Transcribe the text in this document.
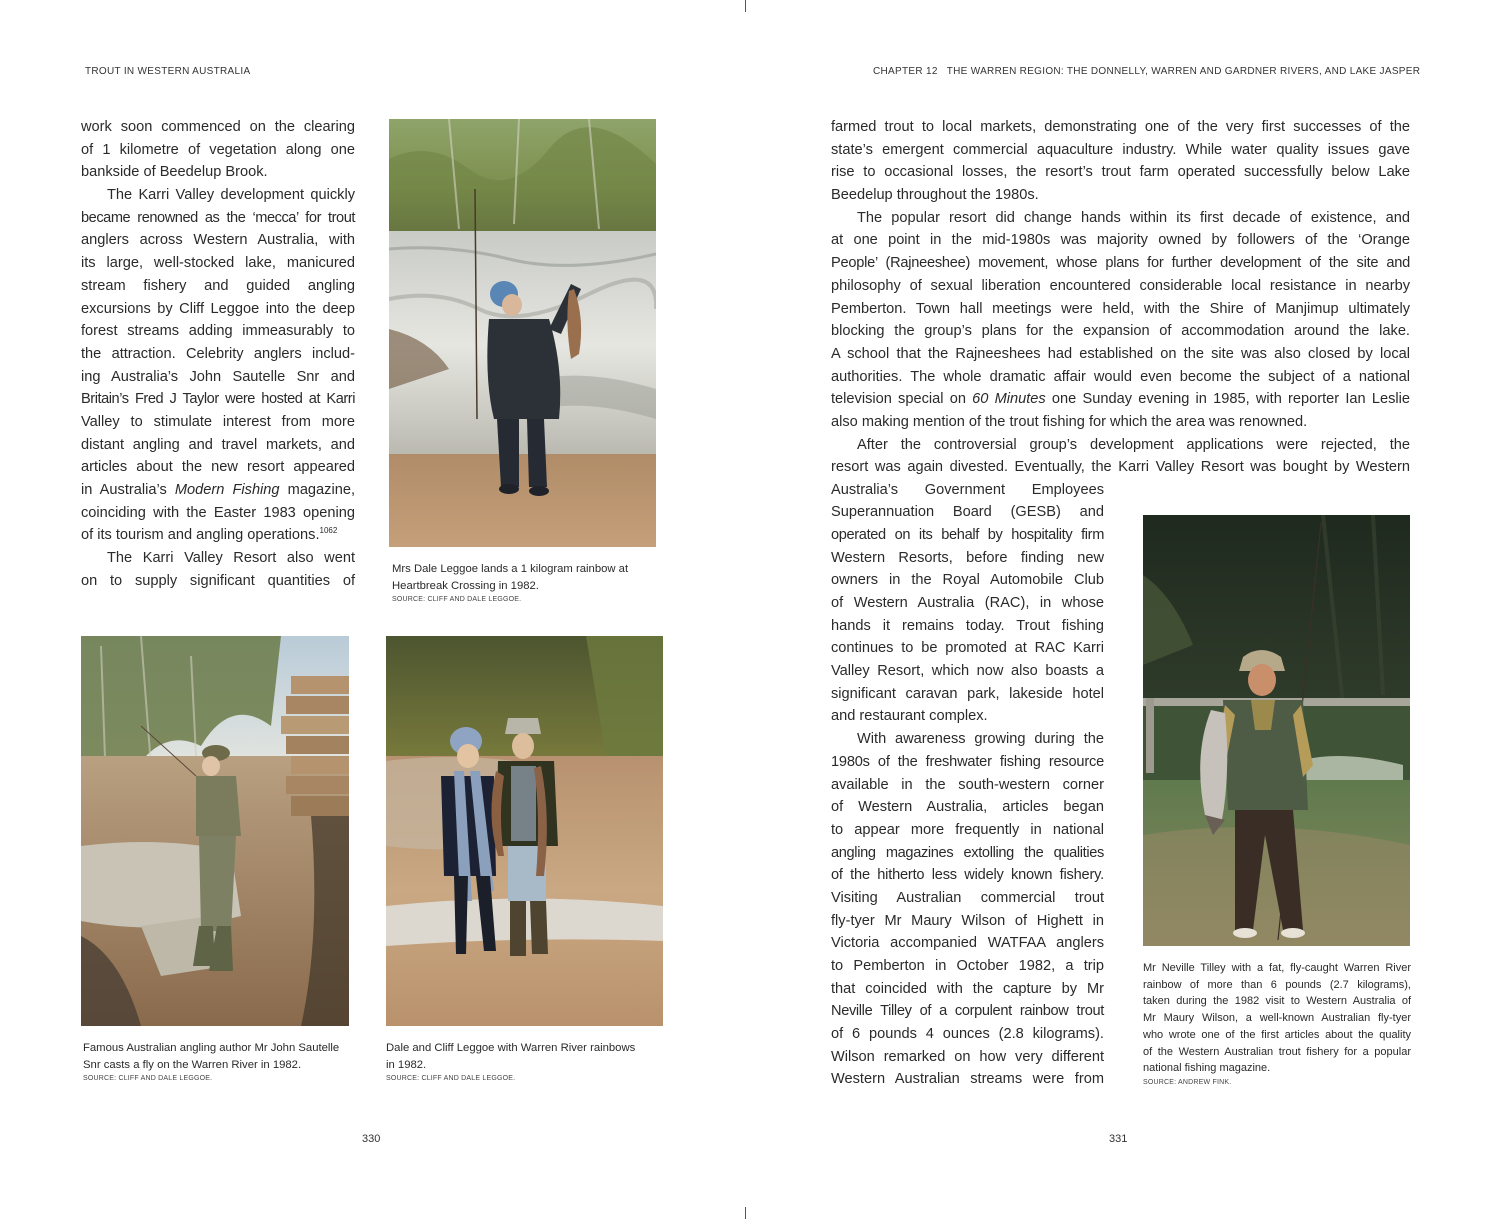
TROUT IN WESTERN AUSTRALIA
work soon commenced on the clearing
of 1 kilometre of vegetation along one
bankside of Beedelup Brook.
The Karri Valley development quickly
became renowned as the ‘mecca’ for trout
anglers across Western Australia, with
its large, well-stocked lake, manicured
stream fishery and guided angling
excursions by Cliff Leggoe into the deep
forest streams adding immeasurably to
the attraction. Celebrity anglers includ-
ing Australia’s John Sautelle Snr and
Britain’s Fred J Taylor were hosted at Karri
Valley to stimulate interest from more
distant angling and travel markets, and
articles about the new resort appeared
in Australia’s Modern Fishing magazine,
coinciding with the Easter 1983 opening
of its tourism and angling operations.$^{1062}$
The Karri Valley Resort also went
on to supply significant quantities of
Mrs Dale Leggoe lands a 1 kilogram rainbow at
Heartbreak Crossing in 1982.
SOURCE: CLIFF AND DALE LEGGOE.
Famous Australian angling author Mr John Sautelle
Snr casts a fly on the Warren River in 1982.
SOURCE: CLIFF AND DALE LEGGOE.
Dale and Cliff Leggoe with Warren River rainbows
in 1982.
SOURCE: CLIFF AND DALE LEGGOE.
330
CHAPTER 12   THE WARREN REGION: THE DONNELLY, WARREN AND GARDNER RIVERS, AND LAKE JASPER
farmed trout to local markets, demonstrating one of the very first successes of the
state’s emergent commercial aquaculture industry. While water quality issues gave
rise to occasional losses, the resort’s trout farm operated successfully below Lake
Beedelup throughout the 1980s.
The popular resort did change hands within its first decade of existence, and
at one point in the mid-1980s was majority owned by followers of the ‘Orange
People’ (Rajneeshee) movement, whose plans for further development of the site and
philosophy of sexual liberation encountered considerable local resistance in nearby
Pemberton. Town hall meetings were held, with the Shire of Manjimup ultimately
blocking the group’s plans for the expansion of accommodation around the lake.
A school that the Rajneeshees had established on the site was also closed by local
authorities. The whole dramatic affair would even become the subject of a national
television special on 60 Minutes one Sunday evening in 1985, with reporter Ian Leslie
also making mention of the trout fishing for which the area was renowned.
After the controversial group’s development applications were rejected, the
resort was again divested. Eventually, the Karri Valley Resort was bought by Western
Australia’s Government Employees
Superannuation Board (GESB) and
operated on its behalf by hospitality firm
Western Resorts, before finding new
owners in the Royal Automobile Club
of Western Australia (RAC), in whose
hands it remains today. Trout fishing
continues to be promoted at RAC Karri
Valley Resort, which now also boasts a
significant caravan park, lakeside hotel
and restaurant complex.
With awareness growing during the
1980s of the freshwater fishing resource
available in the south-western corner
of Western Australia, articles began
to appear more frequently in national
angling magazines extolling the qualities
of the hitherto less widely known fishery.
Visiting Australian commercial trout
fly-tyer Mr Maury Wilson of Highett in
Victoria accompanied WATFAA anglers
to Pemberton in October 1982, a trip
that coincided with the capture by Mr
Neville Tilley of a corpulent rainbow trout
of 6 pounds 4 ounces (2.8 kilograms).
Wilson remarked on how very different
Western Australian streams were from
Mr Neville Tilley with a fat, fly-caught Warren River
rainbow of more than 6 pounds (2.7 kilograms),
taken during the 1982 visit to Western Australia of
Mr Maury Wilson, a well-known Australian fly-tyer
who wrote one of the first articles about the quality
of the Western Australian trout fishery for a popular
national fishing magazine.
SOURCE: ANDREW FINK.
331
